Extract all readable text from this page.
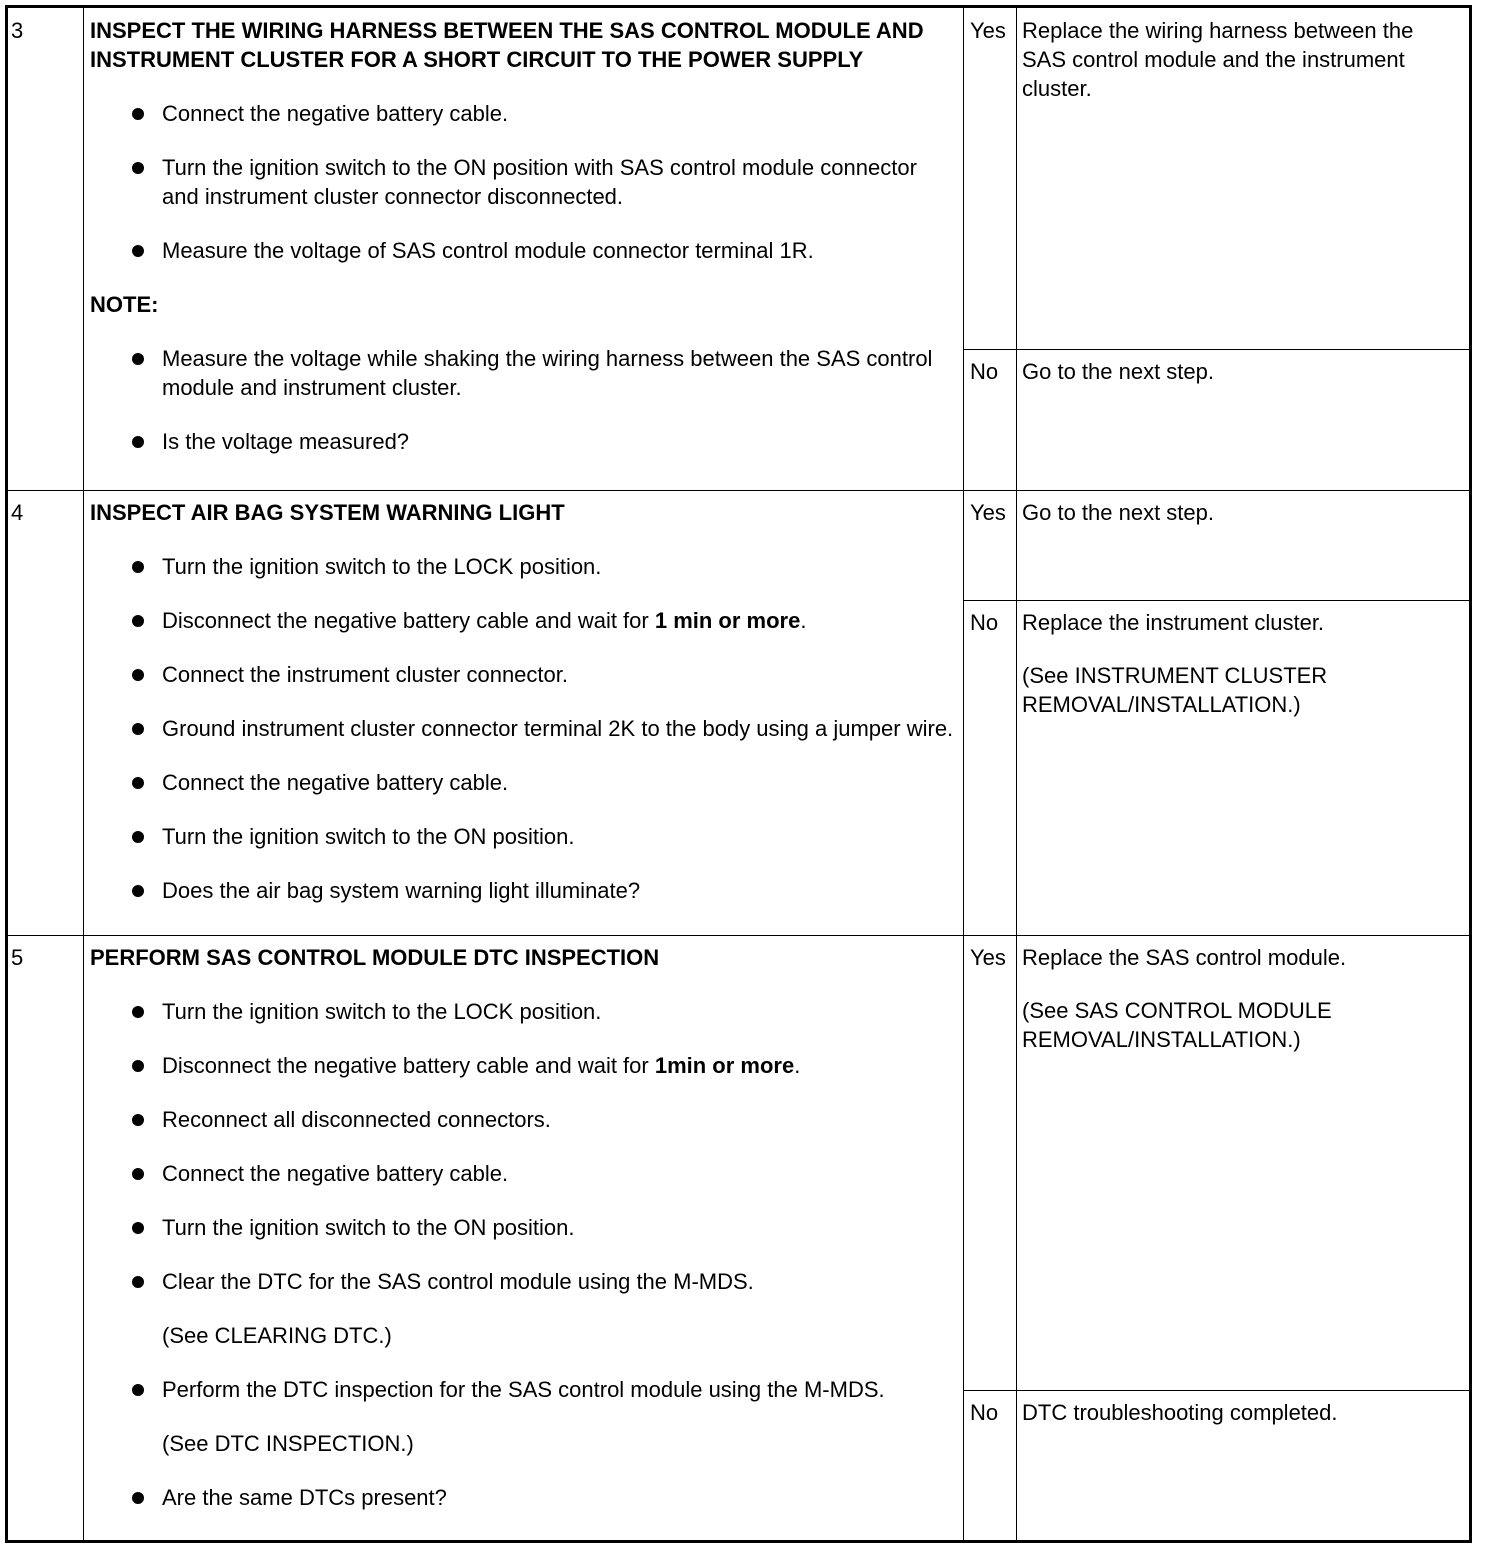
3	INSPECT THE WIRING HARNESS BETWEEN THE SAS CONTROL MODULE AND INSTRUMENT CLUSTER FOR A SHORT CIRCUIT TO THE POWER SUPPLY
Connect the negative battery cable.
Turn the ignition switch to the ON position with SAS control module connector and instrument cluster connector disconnected.
Measure the voltage of SAS control module connector terminal 1R.
NOTE:
Measure the voltage while shaking the wiring harness between the SAS control module and instrument cluster.
Is the voltage measured?
Yes Replace the wiring harness between the SAS control module and the instrument cluster.

No	Go to the next step.

4	INSPECT AIR BAG SYSTEM WARNING LIGHT
Turn the ignition switch to the LOCK position.
Disconnect the negative battery cable and wait for 1 min or more.
Connect the instrument cluster connector.
Ground instrument cluster connector terminal 2K to the body using a jumper wire.
Connect the negative battery cable.
Turn the ignition switch to the ON position.
Does the air bag system warning light illuminate?
Yes Go to the next step.

No	Replace the instrument cluster.

(See INSTRUMENT CLUSTER REMOVAL/INSTALLATION.)

5	PERFORM SAS CONTROL MODULE DTC INSPECTION
Turn the ignition switch to the LOCK position.
Disconnect the negative battery cable and wait for 1min or more.
Reconnect all disconnected connectors.
Connect the negative battery cable.
Turn the ignition switch to the ON position.
Clear the DTC for the SAS control module using the M-MDS.
(See CLEARING DTC.)
Perform the DTC inspection for the SAS control module using the M-MDS.
(See DTC INSPECTION.)
Are the same DTCs present?
Yes Replace the SAS control module.

(See SAS CONTROL MODULE REMOVAL/INSTALLATION.)

No	DTC troubleshooting completed.
